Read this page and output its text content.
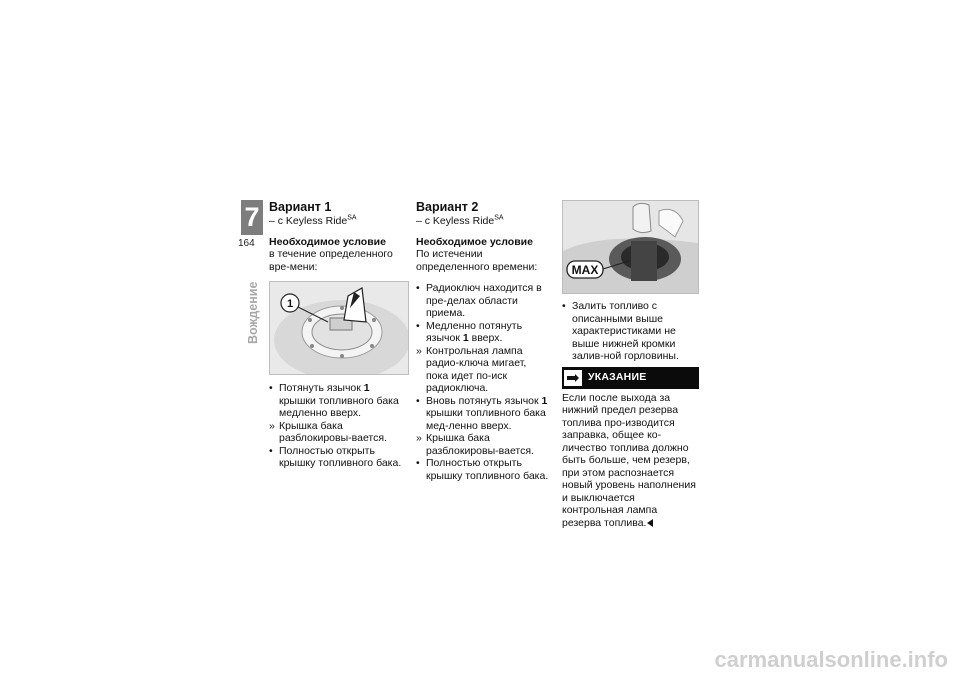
7
164
Вождение
Вариант 1

– с Keyless Ride$^{SA}$

Необходимое условие

в течение определенного вре-мени:

1
• Потянуть язычок 1 крышки топливного бака медленно вверх.
» Крышка бака разблокировы-вается.
• Полностью открыть крышку топливного бака.
Вариант 2

– с Keyless Ride$^{SA}$

Необходимое условие

По истечении определенного времени:

• Радиоключ находится в пре-делах области приема.
• Медленно потянуть язычок 1 вверх.
» Контрольная лампа радио-ключа мигает, пока идет по-иск радиоключа.
• Вновь потянуть язычок 1 крышки топливного бака мед-ленно вверх.
» Крышка бака разблокировы-вается.
• Полностью открыть крышку топливного бака.
MAX
• Залить топливо с описанными выше характеристиками не выше нижней кромки залив-ной горловины.
УКАЗАНИЕ

Если после выхода за нижний предел резерва топлива про-изводится заправка, общее ко-личество топлива должно быть больше, чем резерв, при этом распознается новый уровень наполнения и выключается контрольная лампа резерва топлива.

carmanualsonline.info
